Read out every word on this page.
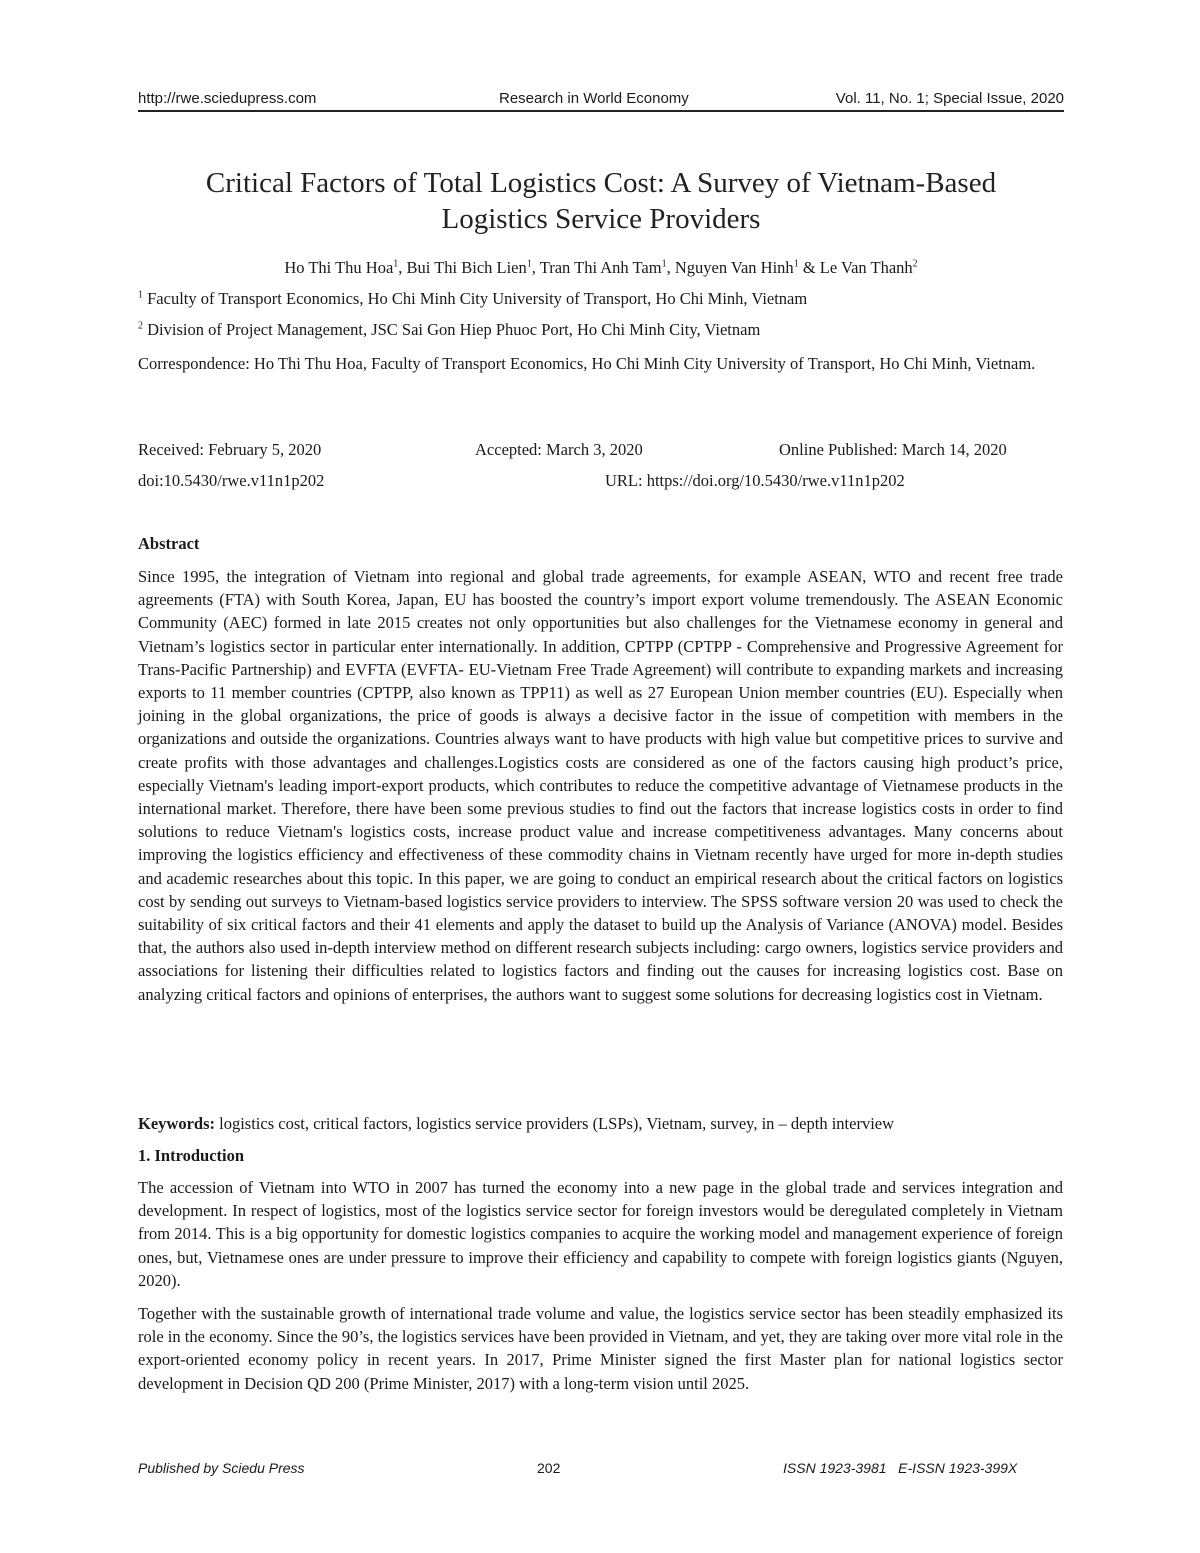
http://rwe.sciedupress.com	Research in World Economy	Vol. 11, No. 1; Special Issue, 2020
Critical Factors of Total Logistics Cost: A Survey of Vietnam-Based
Logistics Service Providers
Ho Thi Thu Hoa$^1$, Bui Thi Bich Lien$^1$, Tran Thi Anh Tam$^1$, Nguyen Van Hinh$^1$ & Le Van Thanh$^2$
$^1$ Faculty of Transport Economics, Ho Chi Minh City University of Transport, Ho Chi Minh, Vietnam
$^2$ Division of Project Management, JSC Sai Gon Hiep Phuoc Port, Ho Chi Minh City, Vietnam
Correspondence: Ho Thi Thu Hoa, Faculty of Transport Economics, Ho Chi Minh City University of Transport, Ho Chi Minh, Vietnam.
Received: February 5, 2020	Accepted: March 3, 2020	Online Published: March 14, 2020
doi:10.5430/rwe.v11n1p202	URL: https://doi.org/10.5430/rwe.v11n1p202
Abstract

Since 1995, the integration of Vietnam into regional and global trade agreements, for example ASEAN, WTO and recent free trade agreements (FTA) with South Korea, Japan, EU has boosted the country’s import export volume tremendously. The ASEAN Economic Community (AEC) formed in late 2015 creates not only opportunities but also challenges for the Vietnamese economy in general and Vietnam’s logistics sector in particular enter internationally. In addition, CPTPP (CPTPP - Comprehensive and Progressive Agreement for Trans-Pacific Partnership) and EVFTA (EVFTA- EU-Vietnam Free Trade Agreement) will contribute to expanding markets and increasing exports to 11 member countries (CPTPP, also known as TPP11) as well as 27 European Union member countries (EU). Especially when joining in the global organizations, the price of goods is always a decisive factor in the issue of competition with members in the organizations and outside the organizations. Countries always want to have products with high value but competitive prices to survive and create profits with those advantages and challenges.Logistics costs are considered as one of the factors causing high product’s price, especially Vietnam's leading import-export products, which contributes to reduce the competitive advantage of Vietnamese products in the international market. Therefore, there have been some previous studies to find out the factors that increase logistics costs in order to find solutions to reduce Vietnam's logistics costs, increase product value and increase competitiveness advantages. Many concerns about improving the logistics efficiency and effectiveness of these commodity chains in Vietnam recently have urged for more in-depth studies and academic researches about this topic. In this paper, we are going to conduct an empirical research about the critical factors on logistics cost by sending out surveys to Vietnam-based logistics service providers to interview. The SPSS software version 20 was used to check the suitability of six critical factors and their 41 elements and apply the dataset to build up the Analysis of Variance (ANOVA) model. Besides that, the authors also used in-depth interview method on different research subjects including: cargo owners, logistics service providers and associations for listening their difficulties related to logistics factors and finding out the causes for increasing logistics cost. Base on analyzing critical factors and opinions of enterprises, the authors want to suggest some solutions for decreasing logistics cost in Vietnam.

Keywords: logistics cost, critical factors, logistics service providers (LSPs), Vietnam, survey, in – depth interview
1. Introduction

The accession of Vietnam into WTO in 2007 has turned the economy into a new page in the global trade and services integration and development. In respect of logistics, most of the logistics service sector for foreign investors would be deregulated completely in Vietnam from 2014. This is a big opportunity for domestic logistics companies to acquire the working model and management experience of foreign ones, but, Vietnamese ones are under pressure to improve their efficiency and capability to compete with foreign logistics giants (Nguyen, 2020).

Together with the sustainable growth of international trade volume and value, the logistics service sector has been steadily emphasized its role in the economy. Since the 90’s, the logistics services have been provided in Vietnam, and yet, they are taking over more vital role in the export-oriented economy policy in recent years. In 2017, Prime Minister signed the first Master plan for national logistics sector development in Decision QD 200 (Prime Minister, 2017) with a long-term vision until 2025.

Published by Sciedu Press	202	ISSN 1923-3981   E-ISSN 1923-399X
